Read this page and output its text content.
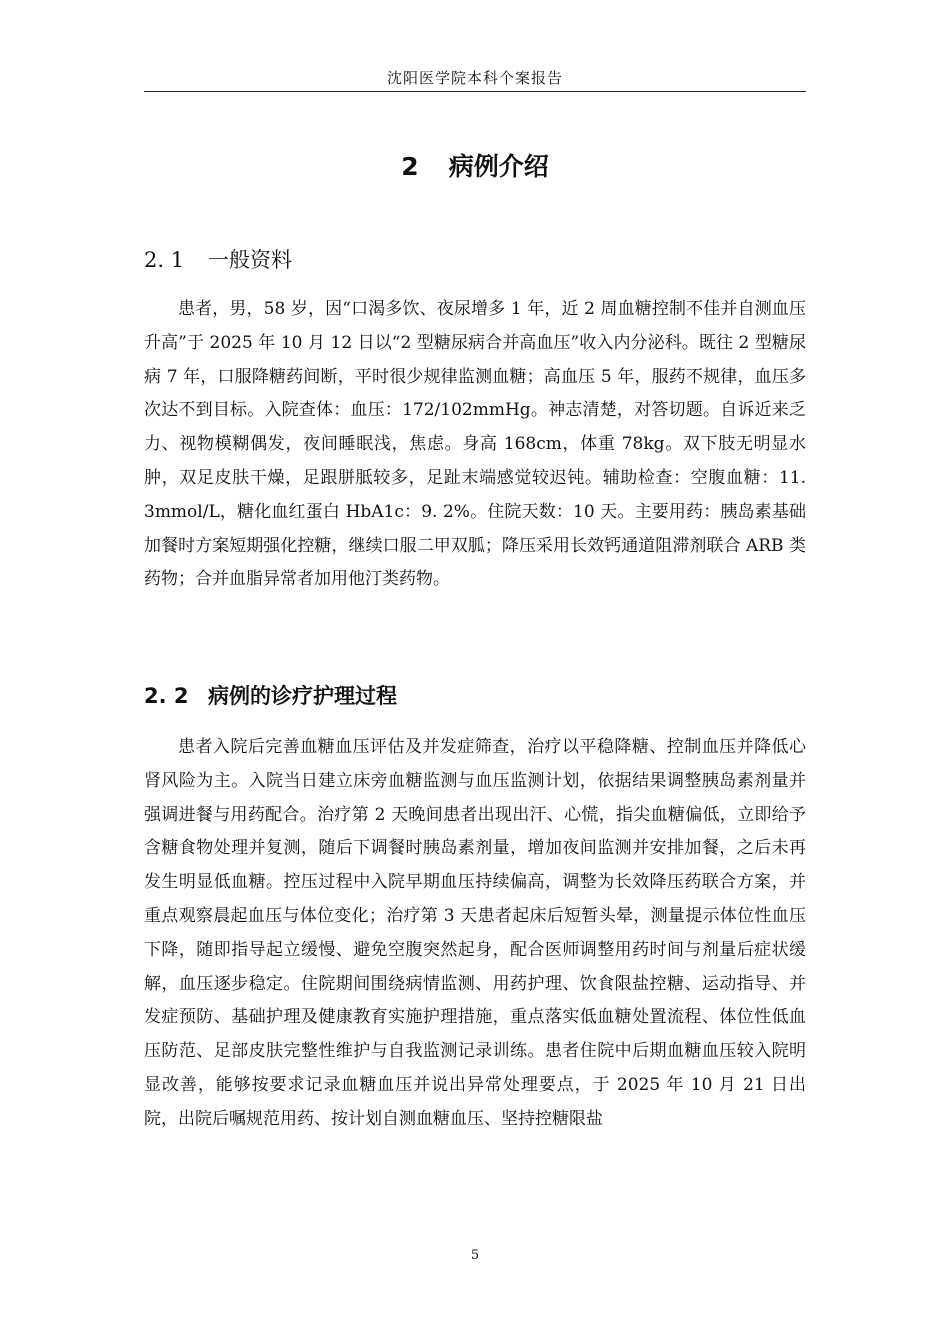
沈阳医学院本科个案报告
2 病例介绍
2. 1 一般资料

患者，男，58 岁，因“口渴多饮、夜尿增多 1 年，近 2 周血糖控制不佳并自测血压升高”于 2025 年 10 月 12 日以“2 型糖尿病合并高血压”收入内分泌科。既往 2 型糖尿病 7 年，口服降糖药间断，平时很少规律监测血糖；高血压 5 年，服药不规律，血压多次达不到目标。入院查体：血压：172/102mmHg。神志清楚，对答切题。自诉近来乏力、视物模糊偶发，夜间睡眠浅，焦虑。身高 168cm，体重 78kg。双下肢无明显水肿，双足皮肤干燥，足跟胼胝较多，足趾末端感觉较迟钝。辅助检查：空腹血糖：11. 3mmol/L，糖化血红蛋白 HbA1c：9. 2%。住院天数：10 天。主要用药：胰岛素基础加餐时方案短期强化控糖，继续口服二甲双胍；降压采用长效钙通道阻滞剂联合 ARB 类药物；合并血脂异常者加用他汀类药物。

2. 2 病例的诊疗护理过程

患者入院后完善血糖血压评估及并发症筛查，治疗以平稳降糖、控制血压并降低心肾风险为主。入院当日建立床旁血糖监测与血压监测计划，依据结果调整胰岛素剂量并强调进餐与用药配合。治疗第 2 天晚间患者出现出汗、心慌，指尖血糖偏低，立即给予含糖食物处理并复测，随后下调餐时胰岛素剂量，增加夜间监测并安排加餐，之后未再发生明显低血糖。控压过程中入院早期血压持续偏高，调整为长效降压药联合方案，并重点观察晨起血压与体位变化；治疗第 3 天患者起床后短暂头晕，测量提示体位性血压下降，随即指导起立缓慢、避免空腹突然起身，配合医师调整用药时间与剂量后症状缓解，血压逐步稳定。住院期间围绕病情监测、用药护理、饮食限盐控糖、运动指导、并发症预防、基础护理及健康教育实施护理措施，重点落实低血糖处置流程、体位性低血压防范、足部皮肤完整性维护与自我监测记录训练。患者住院中后期血糖血压较入院明显改善，能够按要求记录血糖血压并说出异常处理要点，于 2025 年 10 月 21 日出院，出院后嘱规范用药、按计划自测血糖血压、坚持控糖限盐

5
